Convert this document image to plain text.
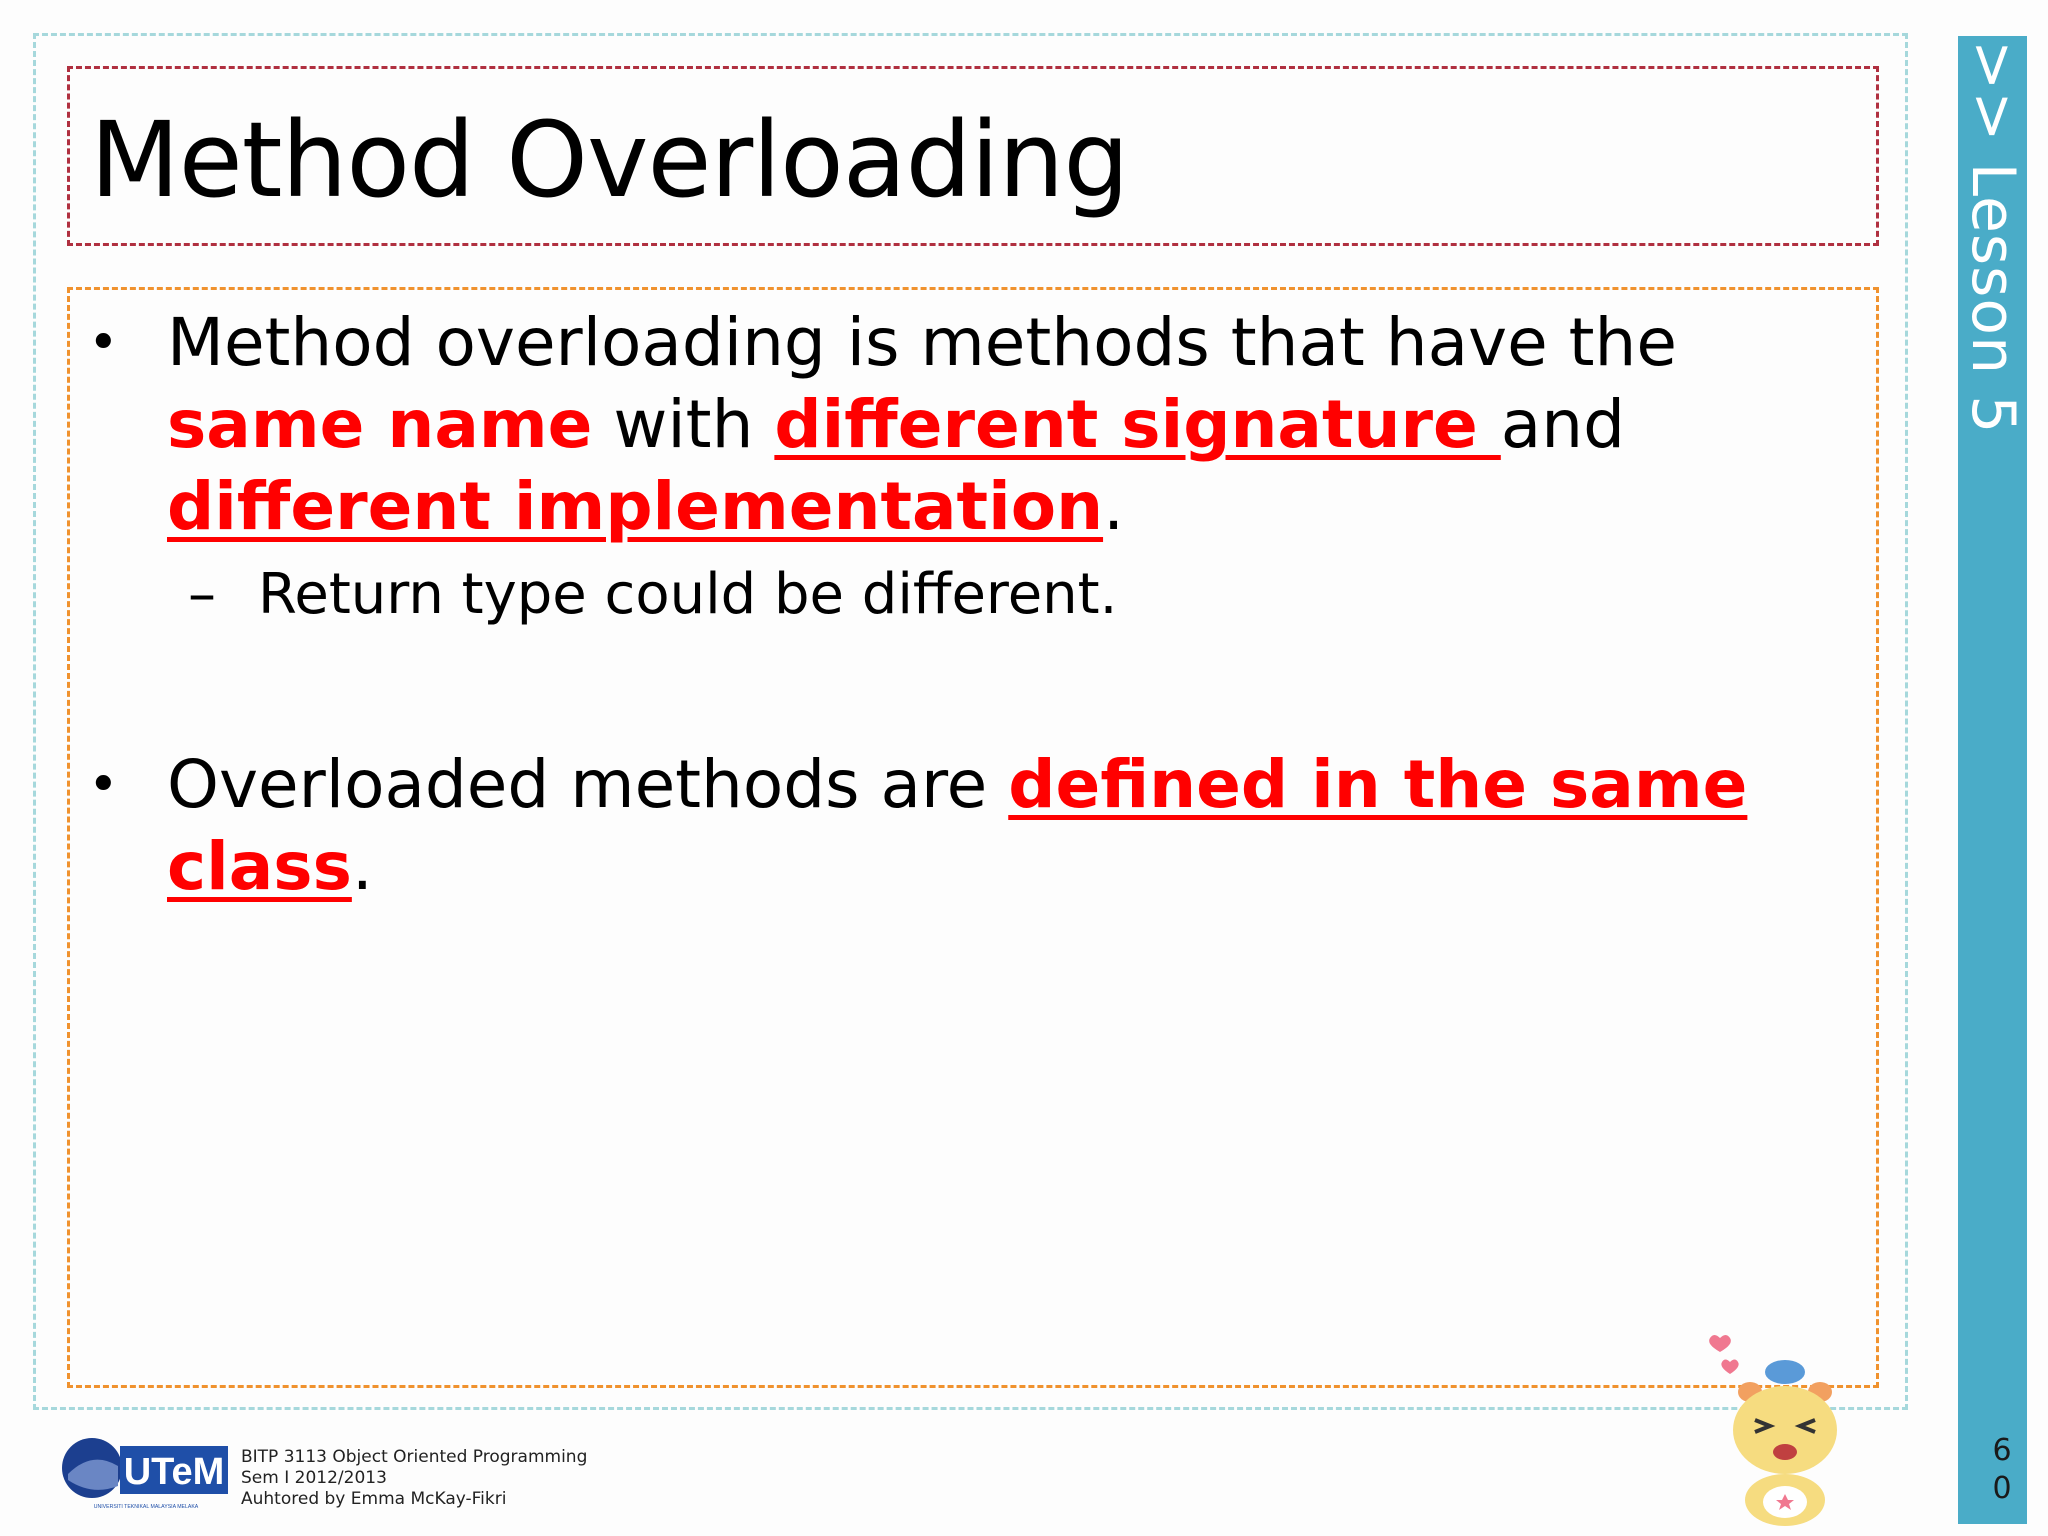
Method Overloading
• Method overloading is methods that have the same name with different signature and different implementation.
– Return type could be different.
• Overloaded methods are defined in the same class.
>> Lesson 5
60
UTeM
UNIVERSITI TEKNIKAL MALAYSIA MELAKA
BITP 3113 Object Oriented Programming
Sem I 2012/2013
Auhtored by Emma McKay-Fikri
